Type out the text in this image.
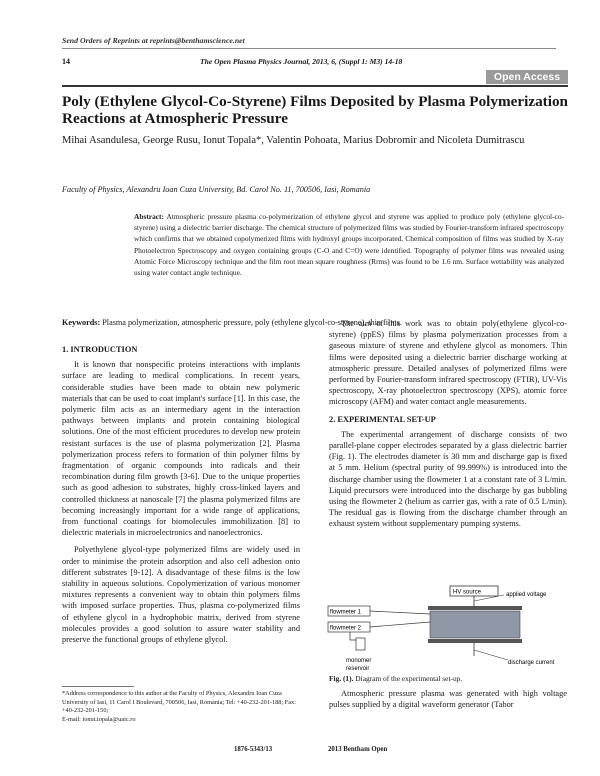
Send Orders of Reprints at reprints@benthamscience.net
14	The Open Plasma Physics Journal, 2013, 6, (Suppl 1: M3) 14-18
Open Access
Poly (Ethylene Glycol-Co-Styrene) Films Deposited by Plasma Polymerization Reactions at Atmospheric Pressure
Mihai Asandulesa, George Rusu, Ionut Topala*, Valentin Pohoata, Marius Dobromir and Nicoleta Dumitrascu
Faculty of Physics, Alexandru Ioan Cuza University, Bd. Carol No. 11, 700506, Iasi, Romania
Abstract: Atmospheric pressure plasma co-polymerization of ethylene glycol and styrene was applied to produce poly (ethylene glycol-co-styrene) using a dielectric barrier discharge. The chemical structure of polymerized films was studied by Fourier-transform infrared spectroscopy which confirms that we obtained copolymerized films with hydroxyl groups incorporated. Chemical composition of films was studied by X-ray Photoelectron Spectroscopy and oxygen containing groups (C-O and C=O) were identified. Topography of polymer films was revealed using Atomic Force Microscopy technique and the film root mean square roughness (Rrms) was found to be 1.6 nm. Surface wettability was analyzed using water contact angle technique.
Keywords: Plasma polymerization, atmospheric pressure, poly (ethylene glycol-co-styrene), thin films.
1. INTRODUCTION

It is known that nonspecific proteins interactions with implants surface are leading to medical complications. In recent years, considerable studies have been made to obtain new polymeric materials that can be used to coat implant's surface [1]. In this case, the polymeric film acts as an intermediary agent in the interaction pathways between implants and protein containing biological solutions. One of the most efficient procedures to develop new protein resistant surfaces is the use of plasma polymerization [2]. Plasma polymerization process refers to formation of thin polymer films by fragmentation of organic compounds into radicals and their recombination during film growth [3-6]. Due to the unique properties such as good adhesion to substrates, highly cross-linked layers and controlled thickness at nanoscale [7] the plasma polymerized films are becoming increasingly important for a wide range of applications, from functional coatings for biomolecules immobilization [8] to dielectric materials in microelectronics and nanoelectronics.

Polyethylene glycol-type polymerized films are widely used in order to minimise the protein adsorption and also cell adhesion onto different substrates [9-12]. A disadvantage of these films is the low stability in aqueous solutions. Copolymerization of various monomer mixtures represents a convenient way to obtain thin polymers films with imposed surface properties. Thus, plasma co-polymerized films of ethylene glycol in a hydrophobic matrix, derived from styrene molecules provides a good solution to assure water stability and preserve the functional groups of ethylene glycol.

The aim of this work was to obtain poly(ethylene glycol-co-styrene) (ppES) films by plasma polymerization processes from a gaseous mixture of styrene and ethylene glycol as monomers. Thin films were deposited using a dielectric barrier discharge working at atmospheric pressure. Detailed analyses of polymerized films were performed by Fourier-transform infrared spectroscopy (FTIR), UV-Vis spectroscopy, X-ray photoelectron spectroscopy (XPS), atomic force microscopy (AFM) and water contact angle measurements.

2. EXPERIMENTAL SET-UP

The experimental arrangement of discharge consists of two parallel-plane copper electrodes separated by a glass dielectric barrier (Fig. 1). The electrodes diameter is 30 mm and discharge gap is fixed at 5 mm. Helium (spectral purity of 99.999%) is introduced into the discharge chamber using the flowmeter 1 at a constant rate of 3 L/min. Liquid precursors were introduced into the discharge by gas bubbling using the flowmeter 2 (helium as carrier gas, with a rate of 0.5 L/min). The residual gas is flowing from the discharge chamber through an exhaust system without supplementary pumping systems.

HV source	applied voltage
discharge current
flowmeter 1
flowmeter 2
monomer
reservoir
Fig. (1). Diagram of the experimental set-up.

Atmospheric pressure plasma was generated with high voltage pulses supplied by a digital waveform generator (Tabor

*Address correspondence to this author at the Faculty of Physics, Alexandru Ioan Cuza University of Iasi, 11 Carol I Boulevard, 700506, Iasi, Romania; Tel: +40-232-201-188; Fax: +40-232-201-150;
E-mail: ionut.topala@uaic.ro
1876-5343/13	2013 Bentham Open
